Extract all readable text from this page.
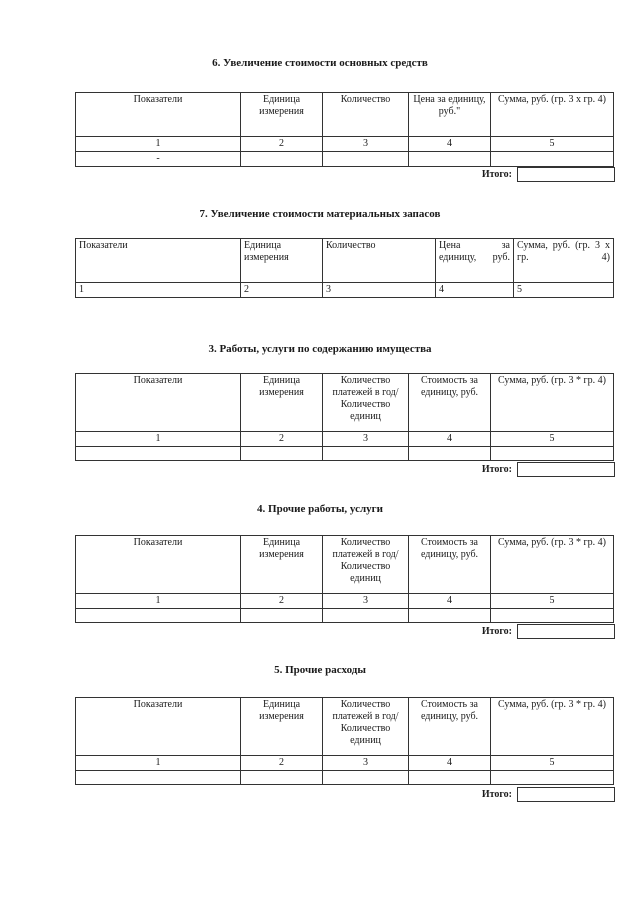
6. Увеличение стоимости основных средств
Показатели	Единица измерения	Количество	Цена за единицу, руб."	Сумма, руб. (гр. 3 х гр. 4)
1	2	3	4	5
-				
Итого:
7. Увеличение стоимости материальных запасов
Показатели	Единица измерения	Количество	Цена за единицу, руб.	Сумма, руб. (гр. 3 х гр. 4)
1	2	3	4	5
3. Работы, услуги по содержанию имущества
Показатели	Единица измерения	Количество платежей в год/Количество единиц	Стоимость за единицу, руб.	Сумма, руб. (гр. 3 * гр. 4)
1	2	3	4	5

Итого:
4. Прочие работы, услуги
Показатели	Единица измерения	Количество платежей в год/Количество единиц	Стоимость за единицу, руб.	Сумма, руб. (гр. 3 * гр. 4)
1	2	3	4	5

Итого:
5. Прочие расходы
Показатели	Единица измерения	Количество платежей в год/Количество единиц	Стоимость за единицу, руб.	Сумма, руб. (гр. 3 * гр. 4)
1	2	3	4	5

Итого:
